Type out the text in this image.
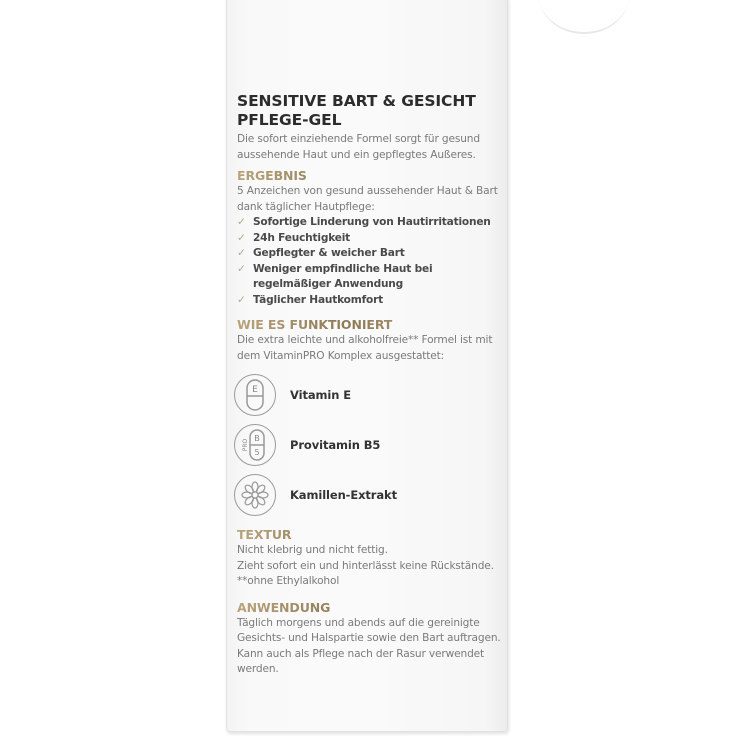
SENSITIVE BART & GESICHT
PFLEGE-GEL
Die sofort einziehende Formel sorgt für gesund aussehende Haut und ein gepflegtes Außeres.
ERGEBNIS
5 Anzeichen von gesund aussehender Haut & Bart dank täglicher Hautpflege:
✓ Sofortige Linderung von Hautirritationen
✓ 24h Feuchtigkeit
✓ Gepflegter & weicher Bart
✓ Weniger empfindliche Haut bei regelmäßiger Anwendung
✓ Täglicher Hautkomfort
WIE ES FUNKTIONIERT
Die extra leichte und alkoholfreie** Formel ist mit dem VitaminPRO Komplex ausgestattet:
E	Vitamin E
PRO
B
5
Provitamin B5
Kamillen-Extrakt
TEXTUR
Nicht klebrig und nicht fettig.
Zieht sofort ein und hinterlässt keine Rückstände.
**ohne Ethylalkohol
ANWENDUNG
Täglich morgens und abends auf die gereinigte Gesichts- und Halspartie sowie den Bart auftragen.
Kann auch als Pflege nach der Rasur verwendet werden.
